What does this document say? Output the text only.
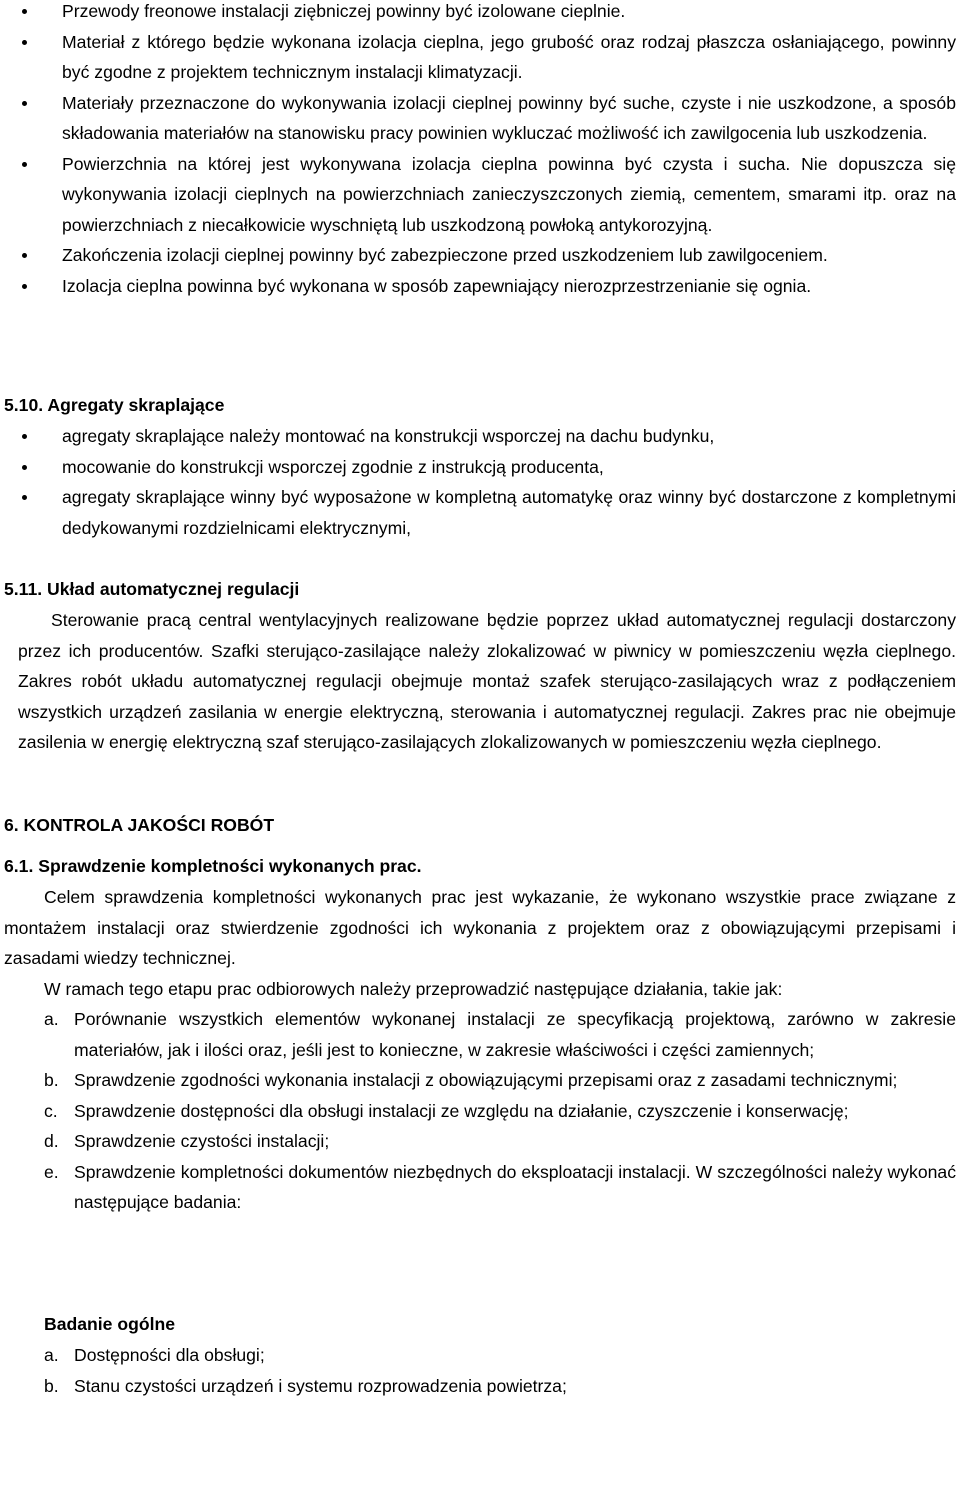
Przewody freonowe instalacji ziębniczej powinny być izolowane cieplnie.
Materiał z którego będzie wykonana izolacja cieplna, jego grubość oraz rodzaj płaszcza osłaniającego, powinny być zgodne z projektem technicznym instalacji klimatyzacji.
Materiały przeznaczone do wykonywania izolacji cieplnej powinny być suche, czyste i nie uszkodzone, a sposób składowania materiałów na stanowisku pracy powinien wykluczać możliwość ich zawilgocenia lub uszkodzenia.
Powierzchnia na której jest wykonywana izolacja cieplna powinna być czysta i sucha. Nie dopuszcza się wykonywania izolacji cieplnych na powierzchniach zanieczyszczonych ziemią, cementem, smarami itp. oraz na powierzchniach z niecałkowicie wyschniętą lub uszkodzoną powłoką antykorozyjną.
Zakończenia izolacji cieplnej powinny być zabezpieczone przed uszkodzeniem lub zawilgoceniem.
Izolacja cieplna powinna być wykonana w sposób zapewniający nierozprzestrzenianie się ognia.
5.10. Agregaty skraplające
agregaty skraplające należy montować na konstrukcji wsporczej na dachu budynku,
mocowanie do konstrukcji wsporczej zgodnie z instrukcją producenta,
agregaty skraplające winny być wyposażone w kompletną automatykę oraz winny być dostarczone z kompletnymi dedykowanymi rozdzielnicami elektrycznymi,
5.11. Układ automatycznej regulacji
Sterowanie pracą central wentylacyjnych realizowane będzie poprzez układ automatycznej regulacji dostarczony przez ich producentów. Szafki sterująco-zasilające należy zlokalizować w piwnicy w pomieszczeniu węzła cieplnego. Zakres robót układu automatycznej regulacji obejmuje montaż szafek sterująco-zasilających wraz z podłączeniem wszystkich urządzeń zasilania w energie elektryczną, sterowania i automatycznej regulacji. Zakres prac nie obejmuje zasilenia w energię elektryczną szaf sterująco-zasilających zlokalizowanych w pomieszczeniu węzła cieplnego.
6. KONTROLA JAKOŚCI ROBÓT
6.1. Sprawdzenie kompletności wykonanych prac.
Celem sprawdzenia kompletności wykonanych prac jest wykazanie, że wykonano wszystkie prace związane z montażem instalacji oraz stwierdzenie zgodności ich wykonania z projektem oraz z obowiązującymi przepisami i zasadami wiedzy technicznej.
W ramach tego etapu prac odbiorowych należy przeprowadzić następujące działania, takie jak:
a. Porównanie wszystkich elementów wykonanej instalacji ze specyfikacją projektową, zarówno w zakresie materiałów, jak i ilości oraz, jeśli jest to konieczne, w zakresie właściwości i części zamiennych;
b. Sprawdzenie zgodności wykonania instalacji z obowiązującymi przepisami oraz z zasadami technicznymi;
c. Sprawdzenie dostępności dla obsługi instalacji ze względu na działanie, czyszczenie i konserwację;
d. Sprawdzenie czystości instalacji;
e. Sprawdzenie kompletności dokumentów niezbędnych do eksploatacji instalacji. W szczególności należy wykonać następujące badania:
Badanie ogólne
a. Dostępności dla obsługi;
b. Stanu czystości urządzeń i systemu rozprowadzenia powietrza;
